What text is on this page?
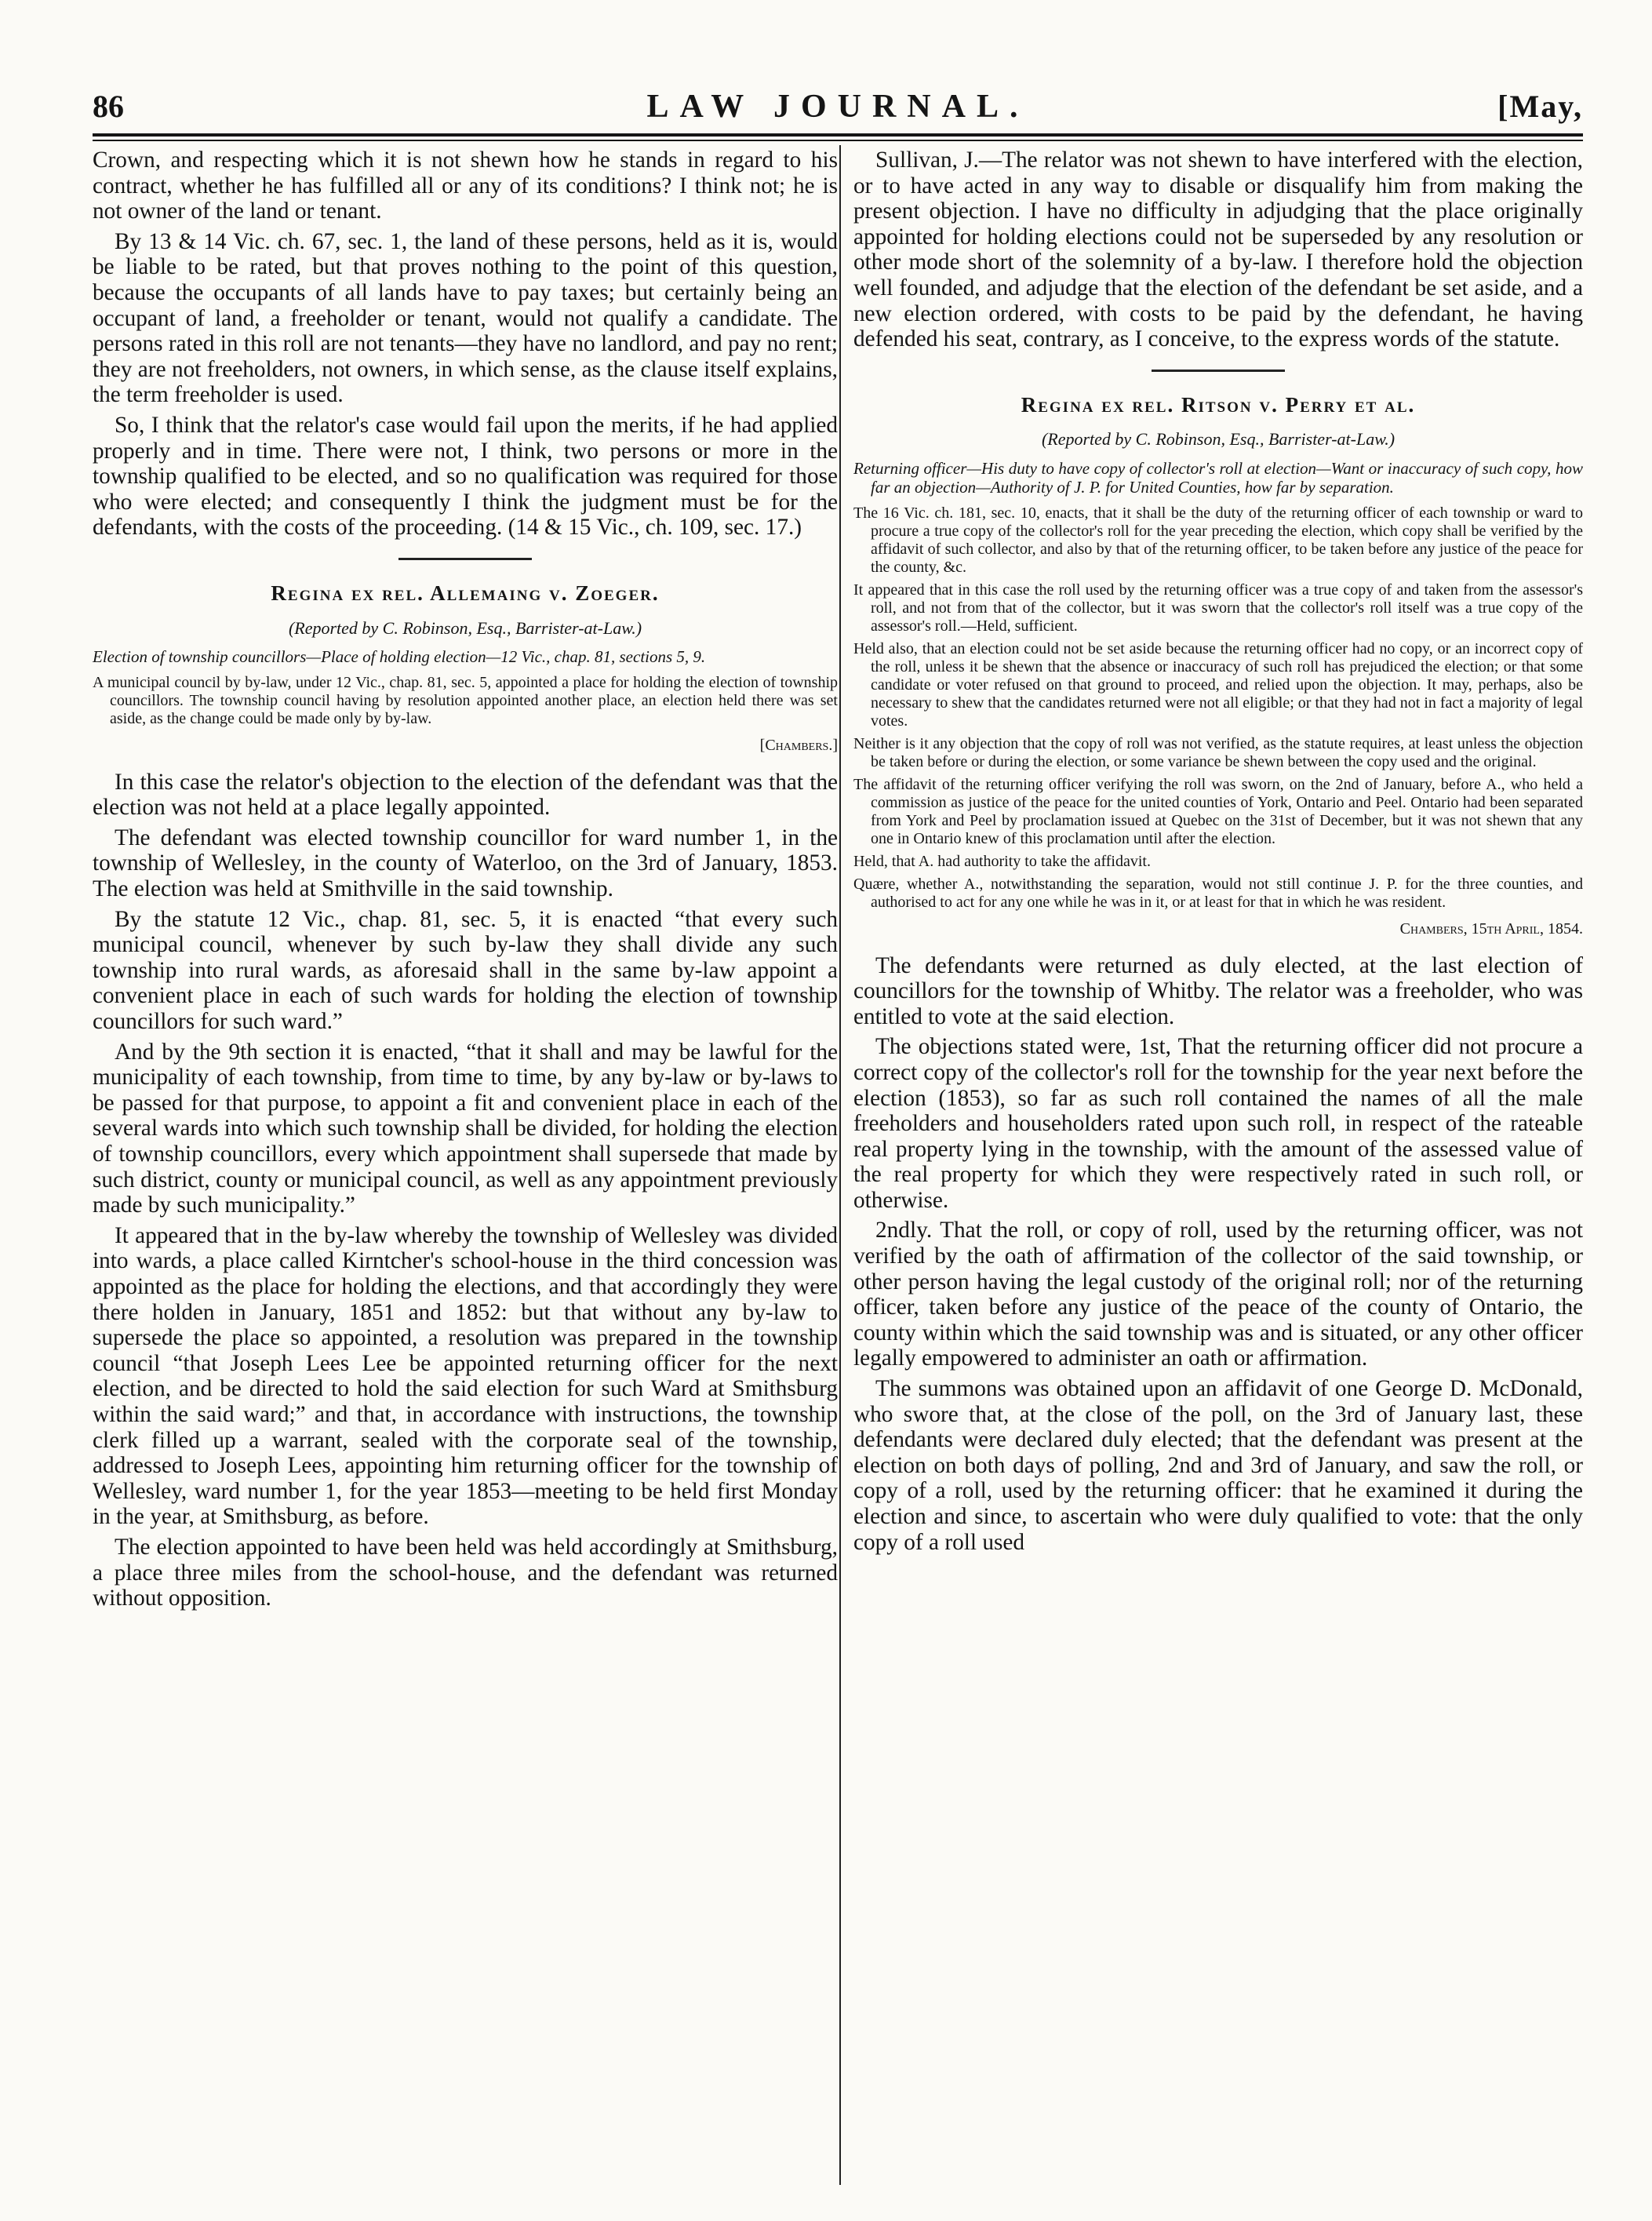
86	LAW JOURNAL.	[May,

Crown, and respecting which it is not shewn how he stands in regard to his contract, whether he has fulfilled all or any of its conditions? I think not; he is not owner of the land or tenant.

By 13 & 14 Vic. ch. 67, sec. 1, the land of these persons, held as it is, would be liable to be rated, but that proves nothing to the point of this question, because the occupants of all lands have to pay taxes; but certainly being an occupant of land, a freeholder or tenant, would not qualify a candidate. The persons rated in this roll are not tenants—they have no landlord, and pay no rent; they are not freeholders, not owners, in which sense, as the clause itself explains, the term freeholder is used.

So, I think that the relator's case would fail upon the merits, if he had applied properly and in time. There were not, I think, two persons or more in the township qualified to be elected, and so no qualification was required for those who were elected; and consequently I think the judgment must be for the defendants, with the costs of the proceeding. (14 & 15 Vic., ch. 109, sec. 17.)

Regina ex rel. Allemaing v. Zoeger.
(Reported by C. Robinson, Esq., Barrister-at-Law.)
Election of township councillors—Place of holding election—12 Vic., chap. 81, sections 5, 9.
A municipal council by by-law, under 12 Vic., chap. 81, sec. 5, appointed a place for holding the election of township councillors. The township council having by resolution appointed another place, an election held there was set aside, as the change could be made only by by-law.
[Chambers.]

In this case the relator's objection to the election of the defendant was that the election was not held at a place legally appointed.

The defendant was elected township councillor for ward number 1, in the township of Wellesley, in the county of Waterloo, on the 3rd of January, 1853. The election was held at Smithville in the said township.

By the statute 12 Vic., chap. 81, sec. 5, it is enacted “that every such municipal council, whenever by such by-law they shall divide any such township into rural wards, as aforesaid shall in the same by-law appoint a convenient place in each of such wards for holding the election of township councillors for such ward.”

And by the 9th section it is enacted, “that it shall and may be lawful for the municipality of each township, from time to time, by any by-law or by-laws to be passed for that purpose, to appoint a fit and convenient place in each of the several wards into which such township shall be divided, for holding the election of township councillors, every which appointment shall supersede that made by such district, county or municipal council, as well as any appointment previously made by such municipality.”

It appeared that in the by-law whereby the township of Wellesley was divided into wards, a place called Kirntcher's school-house in the third concession was appointed as the place for holding the elections, and that accordingly they were there holden in January, 1851 and 1852: but that without any by-law to supersede the place so appointed, a resolution was prepared in the township council “that Joseph Lees Lee be appointed returning officer for the next election, and be directed to hold the said election for such Ward at Smithsburg within the said ward;” and that, in accordance with instructions, the township clerk filled up a warrant, sealed with the corporate seal of the township, addressed to Joseph Lees, appointing him returning officer for the township of Wellesley, ward number 1, for the year 1853—meeting to be held first Monday in the year, at Smithsburg, as before.

The election appointed to have been held was held accordingly at Smithsburg, a place three miles from the school-house, and the defendant was returned without opposition.

Sullivan, J.—The relator was not shewn to have interfered with the election, or to have acted in any way to disable or disqualify him from making the present objection. I have no difficulty in adjudging that the place originally appointed for holding elections could not be superseded by any resolution or other mode short of the solemnity of a by-law. I therefore hold the objection well founded, and adjudge that the election of the defendant be set aside, and a new election ordered, with costs to be paid by the defendant, he having defended his seat, contrary, as I conceive, to the express words of the statute.

Regina ex rel. Ritson v. Perry et al.
(Reported by C. Robinson, Esq., Barrister-at-Law.)
Returning officer—His duty to have copy of collector's roll at election—Want or inaccuracy of such copy, how far an objection—Authority of J. P. for United Counties, how far by separation.
The 16 Vic. ch. 181, sec. 10, enacts, that it shall be the duty of the returning officer of each township or ward to procure a true copy of the collector's roll for the year preceding the election, which copy shall be verified by the affidavit of such collector, and also by that of the returning officer, to be taken before any justice of the peace for the county, &c.
It appeared that in this case the roll used by the returning officer was a true copy of and taken from the assessor's roll, and not from that of the collector, but it was sworn that the collector's roll itself was a true copy of the assessor's roll.—Held, sufficient.
Held also, that an election could not be set aside because the returning officer had no copy, or an incorrect copy of the roll, unless it be shewn that the absence or inaccuracy of such roll has prejudiced the election; or that some candidate or voter refused on that ground to proceed, and relied upon the objection. It may, perhaps, also be necessary to shew that the candidates returned were not all eligible; or that they had not in fact a majority of legal votes.
Neither is it any objection that the copy of roll was not verified, as the statute requires, at least unless the objection be taken before or during the election, or some variance be shewn between the copy used and the original.
The affidavit of the returning officer verifying the roll was sworn, on the 2nd of January, before A., who held a commission as justice of the peace for the united counties of York, Ontario and Peel. Ontario had been separated from York and Peel by proclamation issued at Quebec on the 31st of December, but it was not shewn that any one in Ontario knew of this proclamation until after the election.
Held, that A. had authority to take the affidavit.
Quære, whether A., notwithstanding the separation, would not still continue J. P. for the three counties, and authorised to act for any one while he was in it, or at least for that in which he was resident.
Chambers, 15th April, 1854.

The defendants were returned as duly elected, at the last election of councillors for the township of Whitby. The relator was a freeholder, who was entitled to vote at the said election.

The objections stated were, 1st, That the returning officer did not procure a correct copy of the collector's roll for the township for the year next before the election (1853), so far as such roll contained the names of all the male freeholders and householders rated upon such roll, in respect of the rateable real property lying in the township, with the amount of the assessed value of the real property for which they were respectively rated in such roll, or otherwise.

2ndly. That the roll, or copy of roll, used by the returning officer, was not verified by the oath of affirmation of the collector of the said township, or other person having the legal custody of the original roll; nor of the returning officer, taken before any justice of the peace of the county of Ontario, the county within which the said township was and is situated, or any other officer legally empowered to administer an oath or affirmation.

The summons was obtained upon an affidavit of one George D. McDonald, who swore that, at the close of the poll, on the 3rd of January last, these defendants were declared duly elected; that the defendant was present at the election on both days of polling, 2nd and 3rd of January, and saw the roll, or copy of a roll, used by the returning officer: that he examined it during the election and since, to ascertain who were duly qualified to vote: that the only copy of a roll used
